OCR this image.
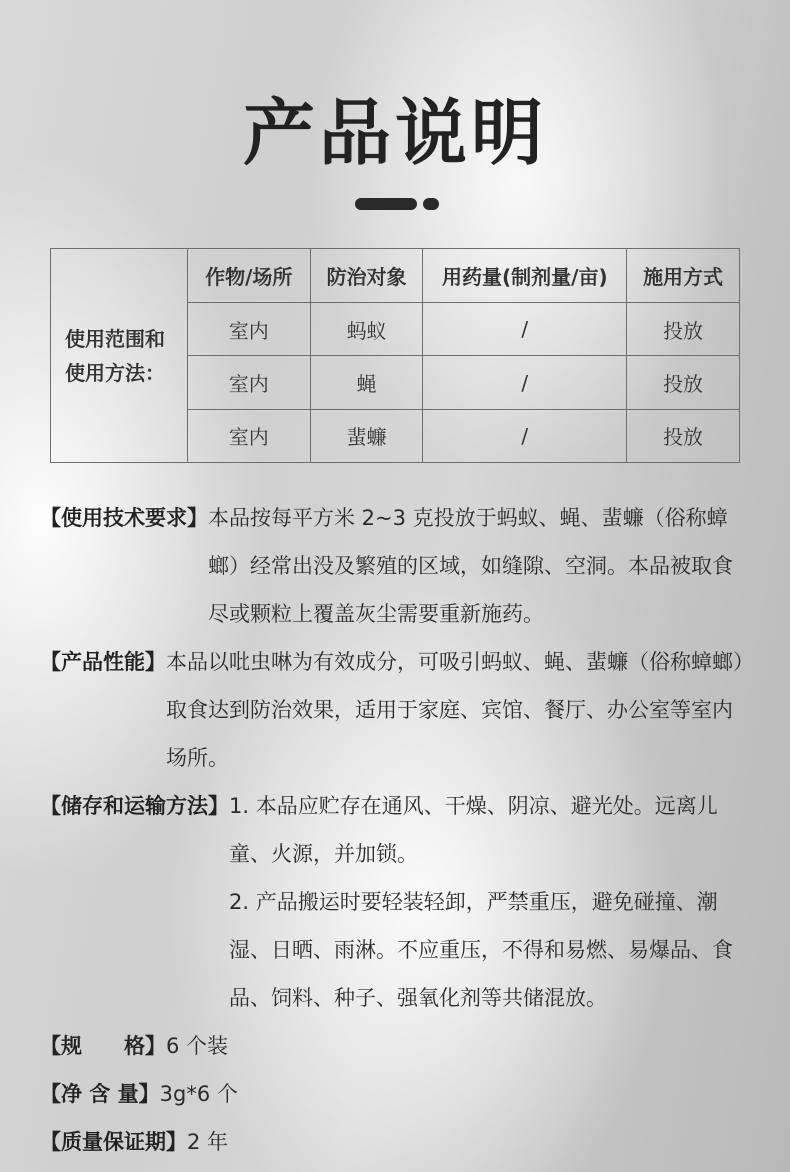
产品说明
使用范围和
使用方法：	作物/场所	防治对象	用药量(制剂量/亩)	施用方式
	室内	蚂蚁	/	投放
	室内	蝇	/	投放
	室内	蜚蠊	/	投放
【使用技术要求】 本品按每平方米 2~3 克投放于蚂蚁、蝇、蜚蠊（俗称蟑螂）经常出没及繁殖的区域，如缝隙、空洞。本品被取食尽或颗粒上覆盖灰尘需要重新施药。

【产品性能】 本品以吡虫啉为有效成分，可吸引蚂蚁、蝇、蜚蠊（俗称蟑螂）取食达到防治效果，适用于家庭、宾馆、餐厅、办公室等室内场所。

【储存和运输方法】 1. 本品应贮存在通风、干燥、阴凉、避光处。远离儿童、火源，并加锁。

2. 产品搬运时要轻装轻卸，严禁重压，避免碰撞、潮湿、日晒、雨淋。不应重压，不得和易燃、易爆品、食品、饲料、种子、强氧化剂等共储混放。

【规　　格】 6 个装

【净 含 量】 3g*6 个

【质量保证期】 2 年
